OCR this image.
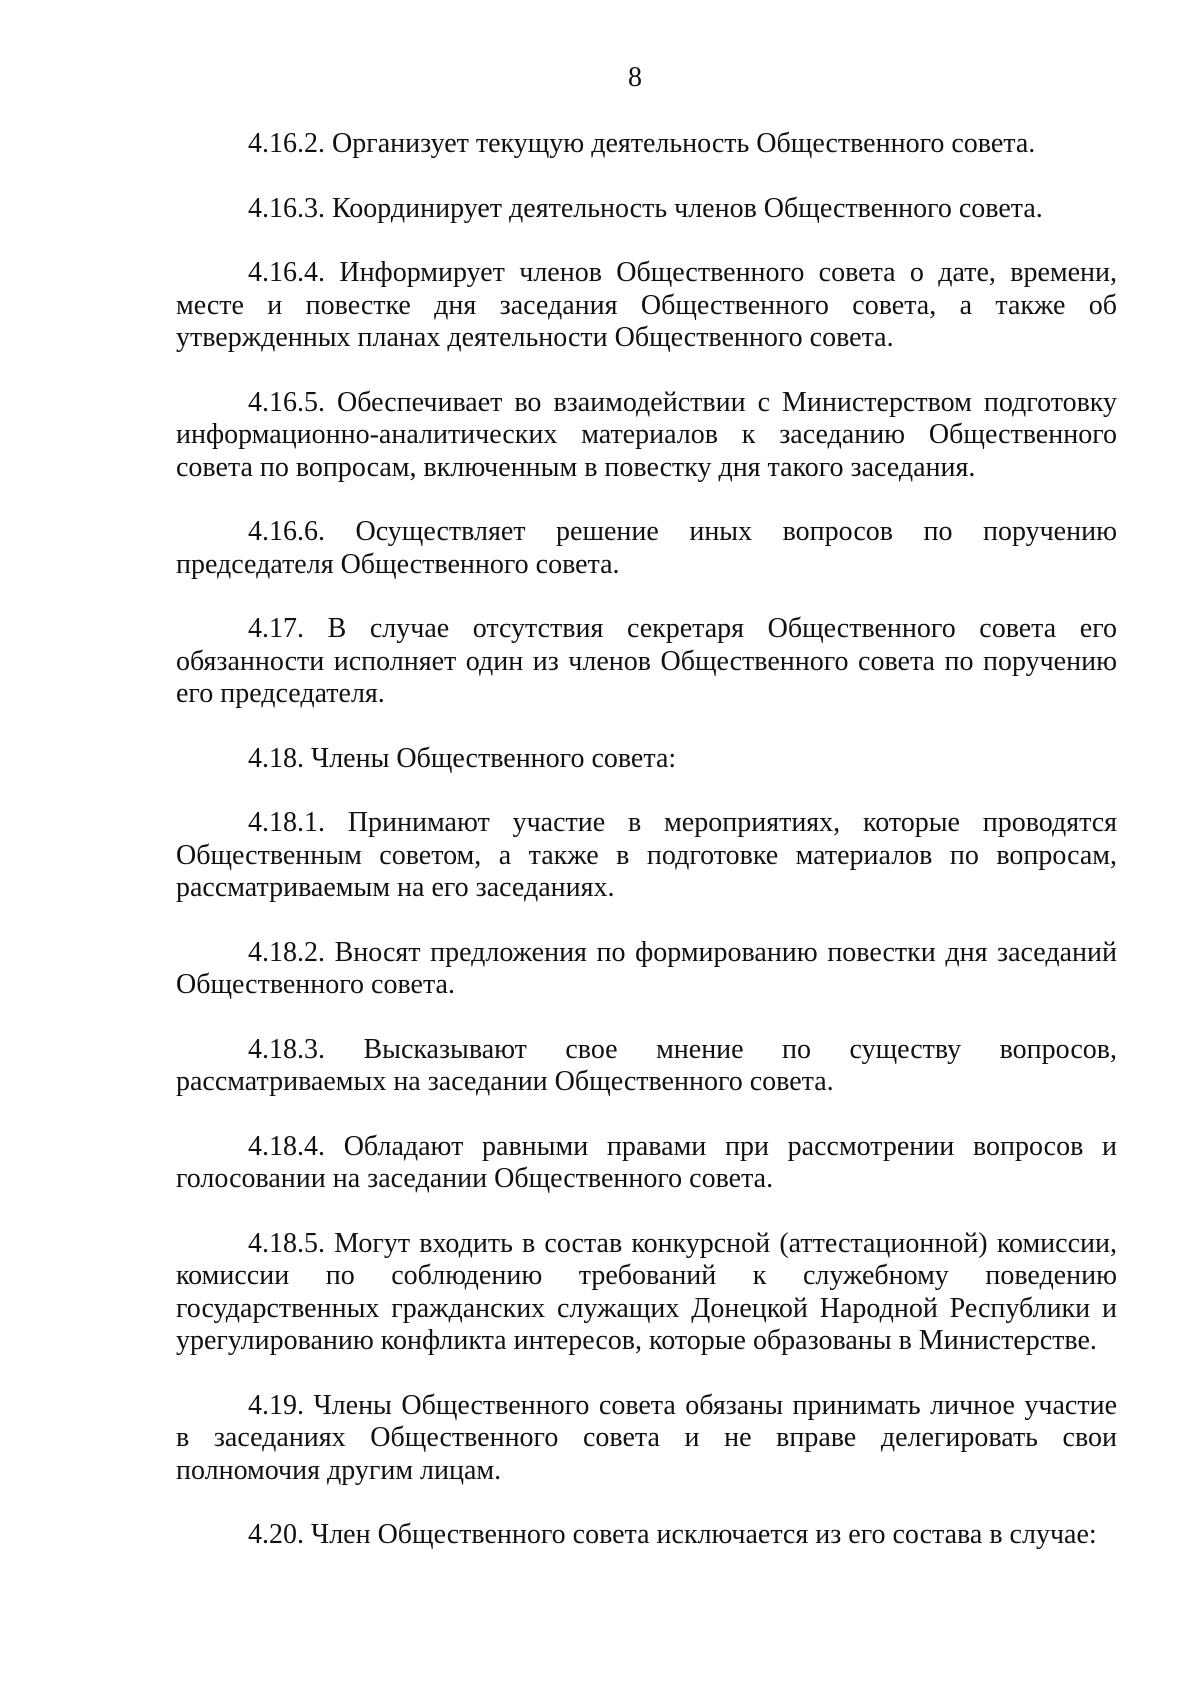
8

4.16.2. Организует текущую деятельность Общественного совета.

4.16.3. Координирует деятельность членов Общественного совета.

4.16.4. Информирует членов Общественного совета о дате, времени, месте и повестке дня заседания Общественного совета, а также об утвержденных планах деятельности Общественного совета.

4.16.5. Обеспечивает во взаимодействии с Министерством подготовку информационно-аналитических материалов к заседанию Общественного совета по вопросам, включенным в повестку дня такого заседания.

4.16.6. Осуществляет решение иных вопросов по поручению председателя Общественного совета.

4.17. В случае отсутствия секретаря Общественного совета его обязанности исполняет один из членов Общественного совета по поручению его председателя.

4.18. Члены Общественного совета:

4.18.1. Принимают участие в мероприятиях, которые проводятся Общественным советом, а также в подготовке материалов по вопросам, рассматриваемым на его заседаниях.

4.18.2. Вносят предложения по формированию повестки дня заседаний Общественного совета.

4.18.3. Высказывают свое мнение по существу вопросов, рассматриваемых на заседании Общественного совета.

4.18.4. Обладают равными правами при рассмотрении вопросов и голосовании на заседании Общественного совета.

4.18.5. Могут входить в состав конкурсной (аттестационной) комиссии, комиссии по соблюдению требований к служебному поведению государственных гражданских служащих Донецкой Народной Республики и урегулированию конфликта интересов, которые образованы в Министерстве.

4.19. Члены Общественного совета обязаны принимать личное участие в заседаниях Общественного совета и не вправе делегировать свои полномочия другим лицам.

4.20. Член Общественного совета исключается из его состава в случае:
